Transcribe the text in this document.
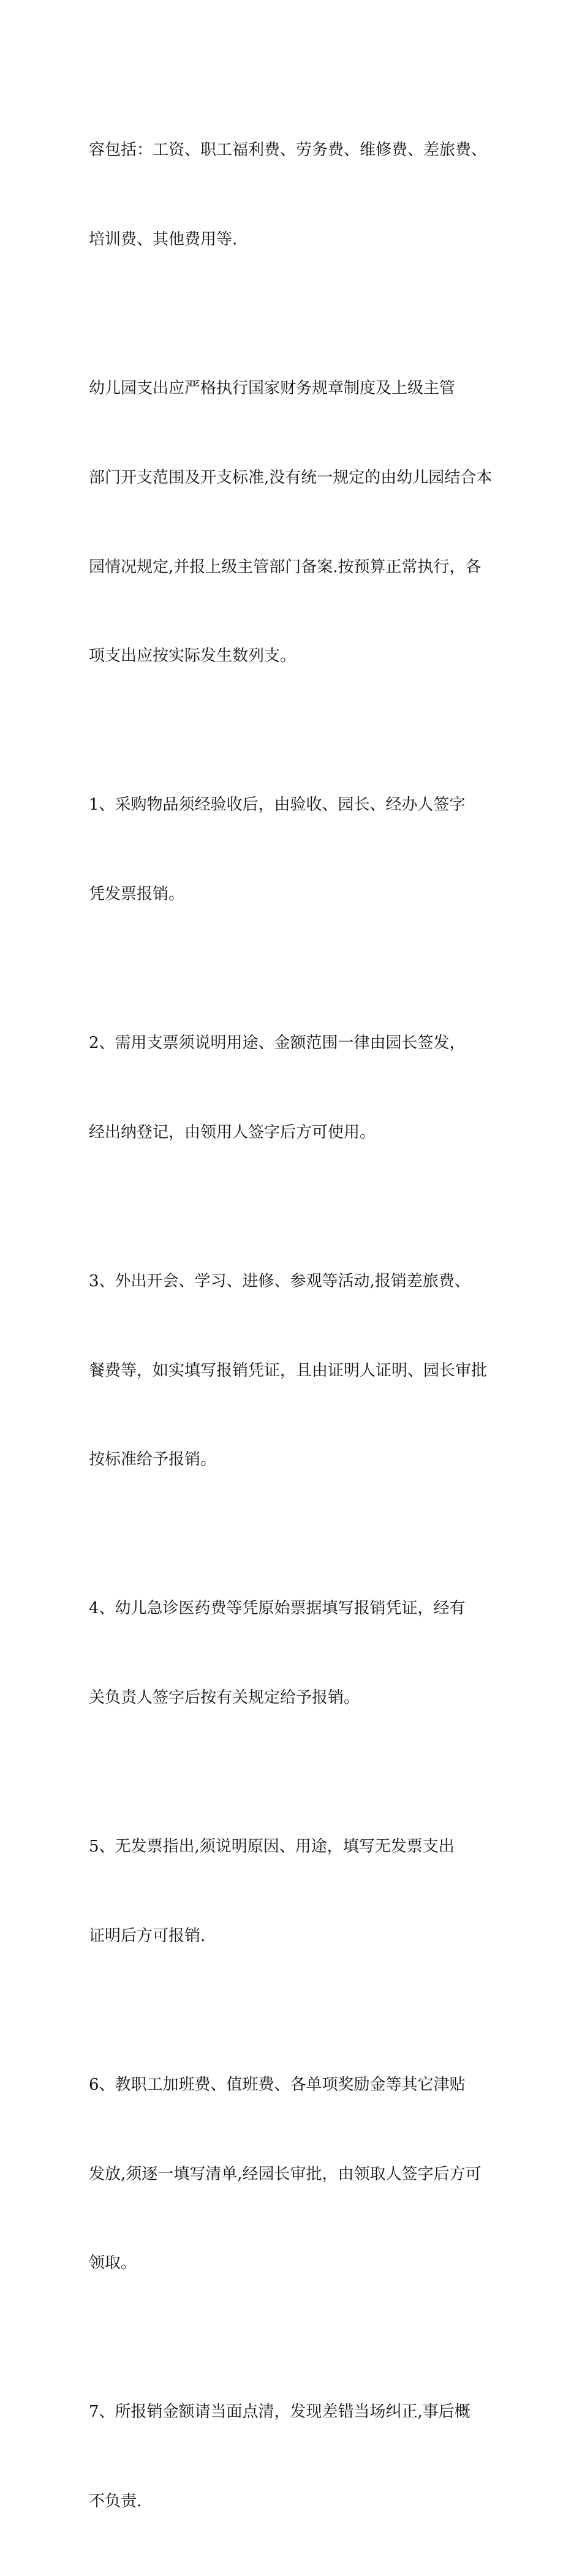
容包括：工资、职工福利费、劳务费、维修费、差旅费、

培训费、其他费用等.

幼儿园支出应严格执行国家财务规章制度及上级主管

部门开支范围及开支标准,没有统一规定的由幼儿园结合本

园情况规定,并报上级主管部门备案.按预算正常执行，各

项支出应按实际发生数列支。

1、采购物品须经验收后，由验收、园长、经办人签字

凭发票报销。

2、需用支票须说明用途、金额范围一律由园长签发，

经出纳登记，由领用人签字后方可使用。

3、外出开会、学习、进修、参观等活动,报销差旅费、

餐费等，如实填写报销凭证，且由证明人证明、园长审批

按标准给予报销。

4、幼儿急诊医药费等凭原始票据填写报销凭证，经有

关负责人签字后按有关规定给予报销。

5、无发票指出,须说明原因、用途，填写无发票支出

证明后方可报销.

6、教职工加班费、值班费、各单项奖励金等其它津贴

发放,须逐一填写清单,经园长审批，由领取人签字后方可

领取。

7、所报销金额请当面点清，发现差错当场纠正,事后概

不负责.
